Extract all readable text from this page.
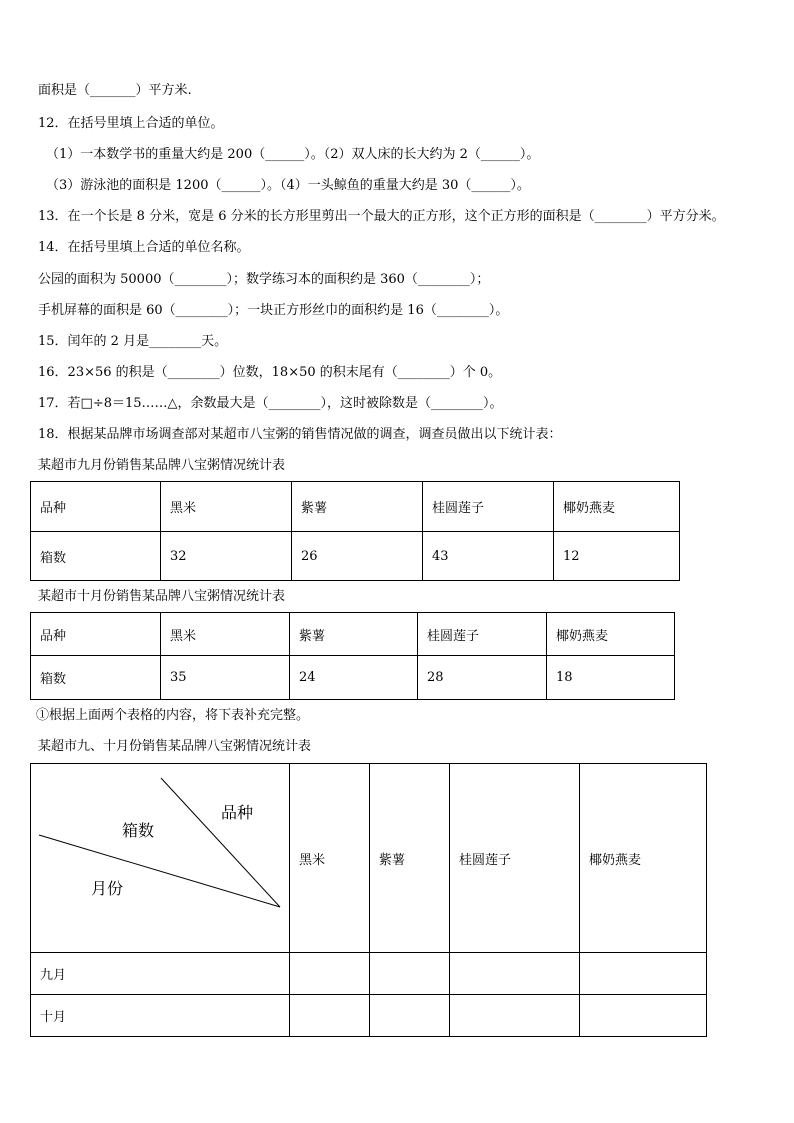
面积是（_______）平方米.
12．在括号里填上合适的单位。
（1）一本数学书的重量大约是 200（______）。（2）双人床的长大约为 2（______）。
（3）游泳池的面积是 1200（______）。（4）一头鲸鱼的重量大约是 30（______）。
13．在一个长是 8 分米，宽是 6 分米的长方形里剪出一个最大的正方形，这个正方形的面积是（________）平方分米。
14．在括号里填上合适的单位名称。
公园的面积为 50000（________）；数学练习本的面积约是 360（________）；
手机屏幕的面积是 60（________）；一块正方形丝巾的面积约是 16（________）。
15．闰年的 2 月是________天。
16．23×56 的积是（________）位数，18×50 的积末尾有（________）个 0。
17．若□÷8＝15……△，余数最大是（________），这时被除数是（________）。
18．根据某品牌市场调查部对某超市八宝粥的销售情况做的调查，调查员做出以下统计表：
某超市九月份销售某品牌八宝粥情况统计表
品种	黑米	紫薯	桂圆莲子	椰奶燕麦
箱数	32	26	43	12
某超市十月份销售某品牌八宝粥情况统计表
品种	黑米	紫薯	桂圆莲子	椰奶燕麦
箱数	35	24	28	18
①根据上面两个表格的内容，将下表补充完整。
某超市九、十月份销售某品牌八宝粥情况统计表
品种
箱数
月份	黑米	紫薯	桂圆莲子	椰奶燕麦
九月				
十月				
